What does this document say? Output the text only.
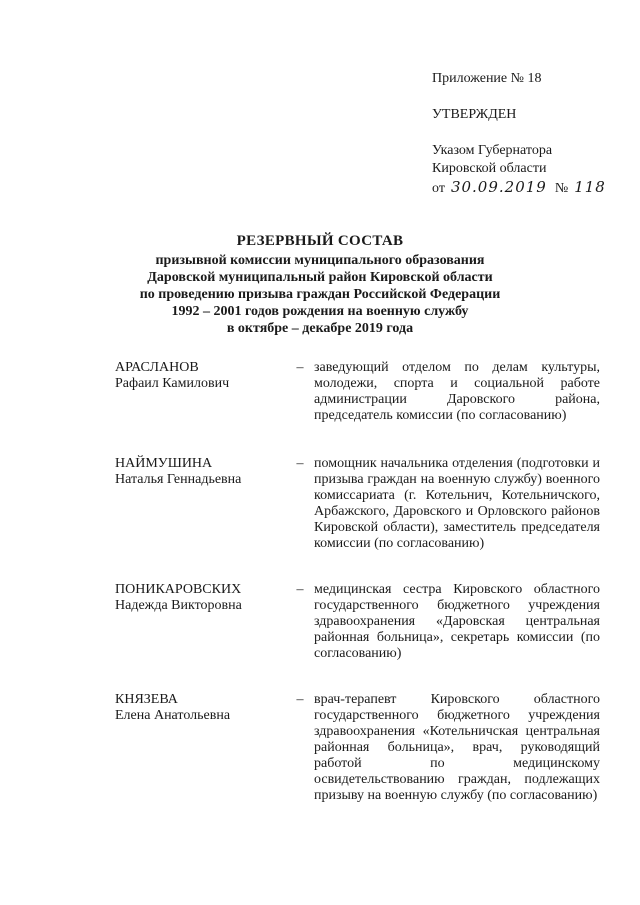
Приложение № 18

УТВЕРЖДЕН

Указом Губернатора
Кировской области
от 30.09.2019 № 118
РЕЗЕРВНЫЙ СОСТАВ
призывной комиссии муниципального образования
Даровской муниципальный район Кировской области
по проведению призыва граждан Российской Федерации
1992 – 2001 годов рождения на военную службу
в октябре – декабре 2019 года
АРАСЛАНОВ
Рафаил Камилович
– заведующий отделом по делам культуры, молодежи, спорта и социальной работе администрации Даровского района, председатель комиссии (по согласованию)
НАЙМУШИНА
Наталья Геннадьевна
– помощник начальника отделения (подготовки и призыва граждан на военную службу) военного комиссариата (г. Котельнич, Котельничского, Арбажского, Даровского и Орловского районов Кировской области), заместитель председателя комиссии (по согласованию)
ПОНИКАРОВСКИХ
Надежда Викторовна
– медицинская сестра Кировского областного государственного бюджетного учреждения здравоохранения «Даровская центральная районная больница», секретарь комиссии (по согласованию)
КНЯЗЕВА
Елена Анатольевна
– врач-терапевт Кировского областного государственного бюджетного учреждения здравоохранения «Котельничская центральная районная больница», врач, руководящий работой по медицинскому освидетельствованию граждан, подлежащих призыву на военную службу (по согласованию)
